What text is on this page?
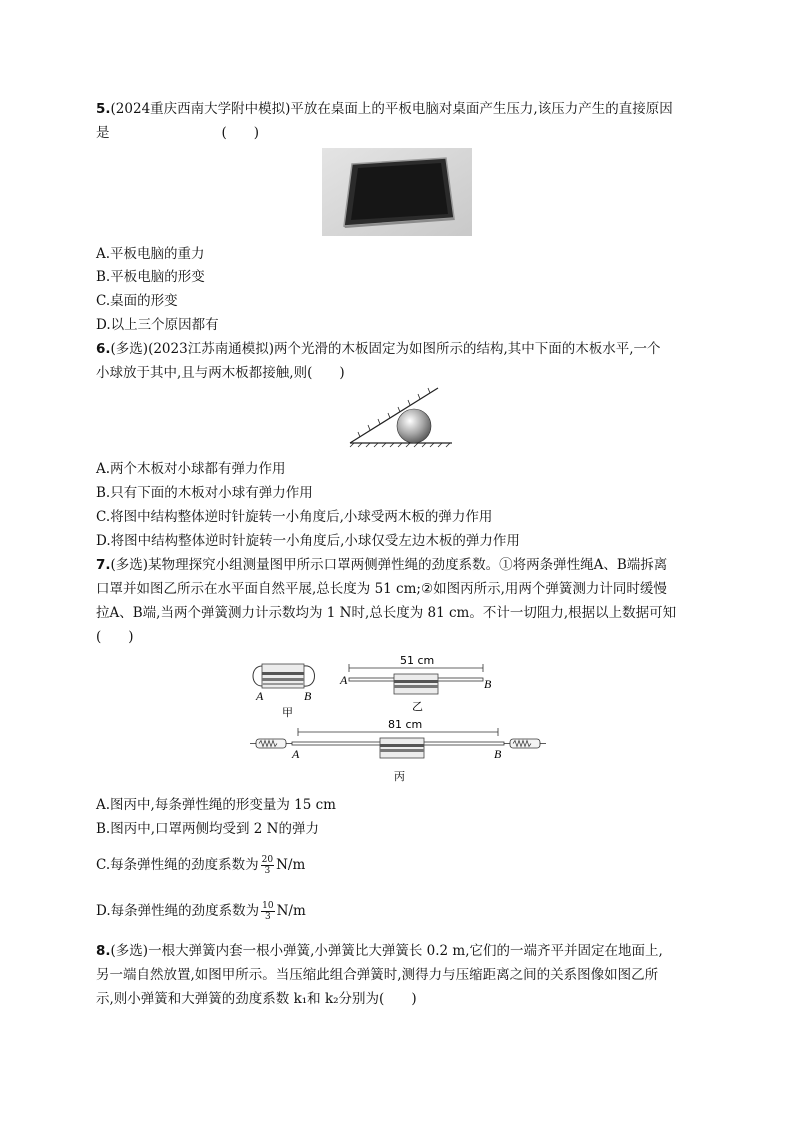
5.(2024重庆西南大学附中模拟)平放在桌面上的平板电脑对桌面产生压力,该压力产生的直接原因
是	(　　)
A.平板电脑的重力
B.平板电脑的形变
C.桌面的形变
D.以上三个原因都有
6.(多选)(2023江苏南通模拟)两个光滑的木板固定为如图所示的结构,其中下面的木板水平,一个
小球放于其中,且与两木板都接触,则(　　)
A.两个木板对小球都有弹力作用
B.只有下面的木板对小球有弹力作用
C.将图中结构整体逆时针旋转一小角度后,小球受两木板的弹力作用
D.将图中结构整体逆时针旋转一小角度后,小球仅受左边木板的弹力作用
7.(多选)某物理探究小组测量图甲所示口罩两侧弹性绳的劲度系数。①将两条弹性绳A、B端拆离
口罩并如图乙所示在水平面自然平展,总长度为 51 cm;②如图丙所示,用两个弹簧测力计同时缓慢
拉A、B端,当两个弹簧测力计示数均为 1 N时,总长度为 81 cm。不计一切阻力,根据以上数据可知
(　　)
A	B
甲
51 cm
A	B
乙
81 cm
A	B
丙
A.图丙中,每条弹性绳的形变量为 15 cm
B.图丙中,口罩两侧均受到 2 N的弹力
C.每条弹性绳的劲度系数为 $\frac{20}{3} N/m$
D.每条弹性绳的劲度系数为 $\frac{10}{3} N/m$
8.(多选)一根大弹簧内套一根小弹簧,小弹簧比大弹簧长 0.2 m,它们的一端齐平并固定在地面上,
另一端自然放置,如图甲所示。当压缩此组合弹簧时,测得力与压缩距离之间的关系图像如图乙所
示,则小弹簧和大弹簧的劲度系数 k₁和 k₂分别为(　　)
